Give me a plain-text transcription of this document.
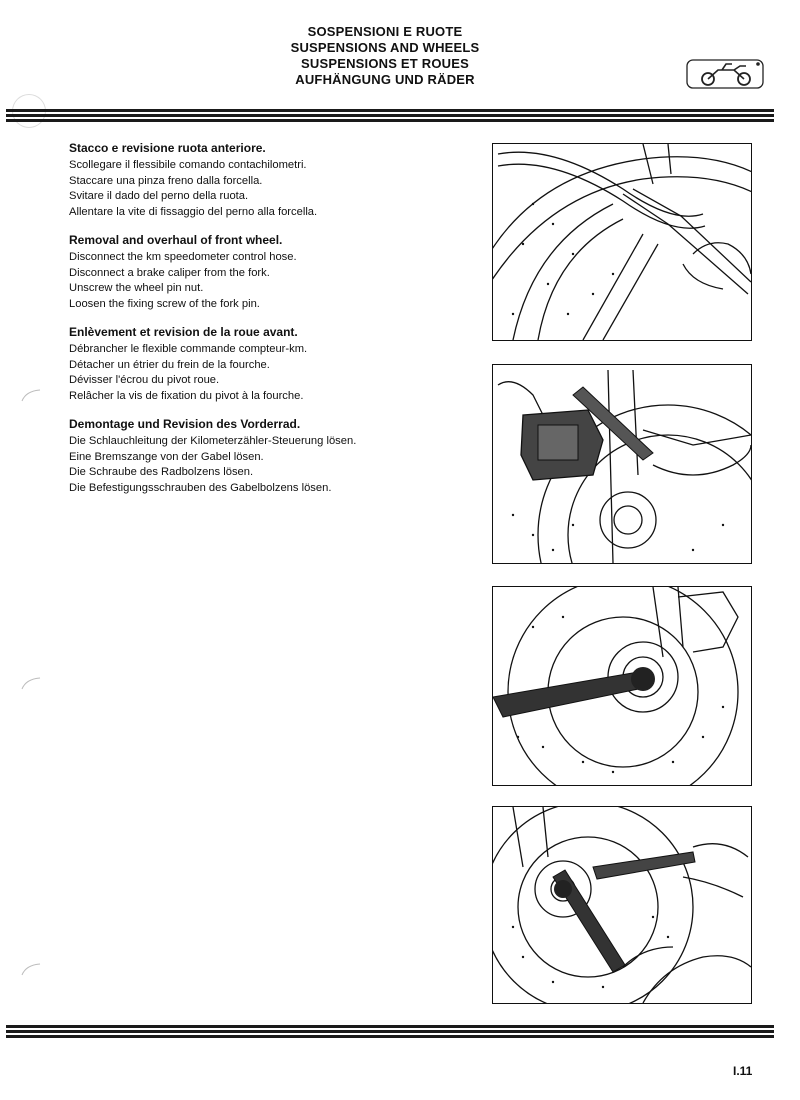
SOSPENSIONI E RUOTE
SUSPENSIONS AND WHEELS
SUSPENSIONS ET ROUES
AUFHÄNGUNG UND RÄDER
Stacco e revisione ruota anteriore.

Scollegare il flessibile comando contachilometri.

Staccare una pinza freno dalla forcella.

Svitare il dado del perno della ruota.

Allentare la vite di fissaggio del perno alla forcella.

Removal and overhaul of front wheel.

Disconnect the km speedometer control hose.

Disconnect a brake caliper from the fork.

Unscrew the wheel pin nut.

Loosen the fixing screw of the fork pin.

Enlèvement et revision de la roue avant.

Débrancher le flexible commande compteur-km.

Détacher un étrier du frein de la fourche.

Dévisser l'écrou du pivot roue.

Relâcher la vis de fixation du pivot à la fourche.

Demontage und Revision des Vorderrad.

Die Schlauchleitung der Kilometerzähler-Steuerung lösen.

Eine Bremszange von der Gabel lösen.

Die Schraube des Radbolzens lösen.

Die Befestigungsschrauben des Gabelbolzens lösen.

I.11
